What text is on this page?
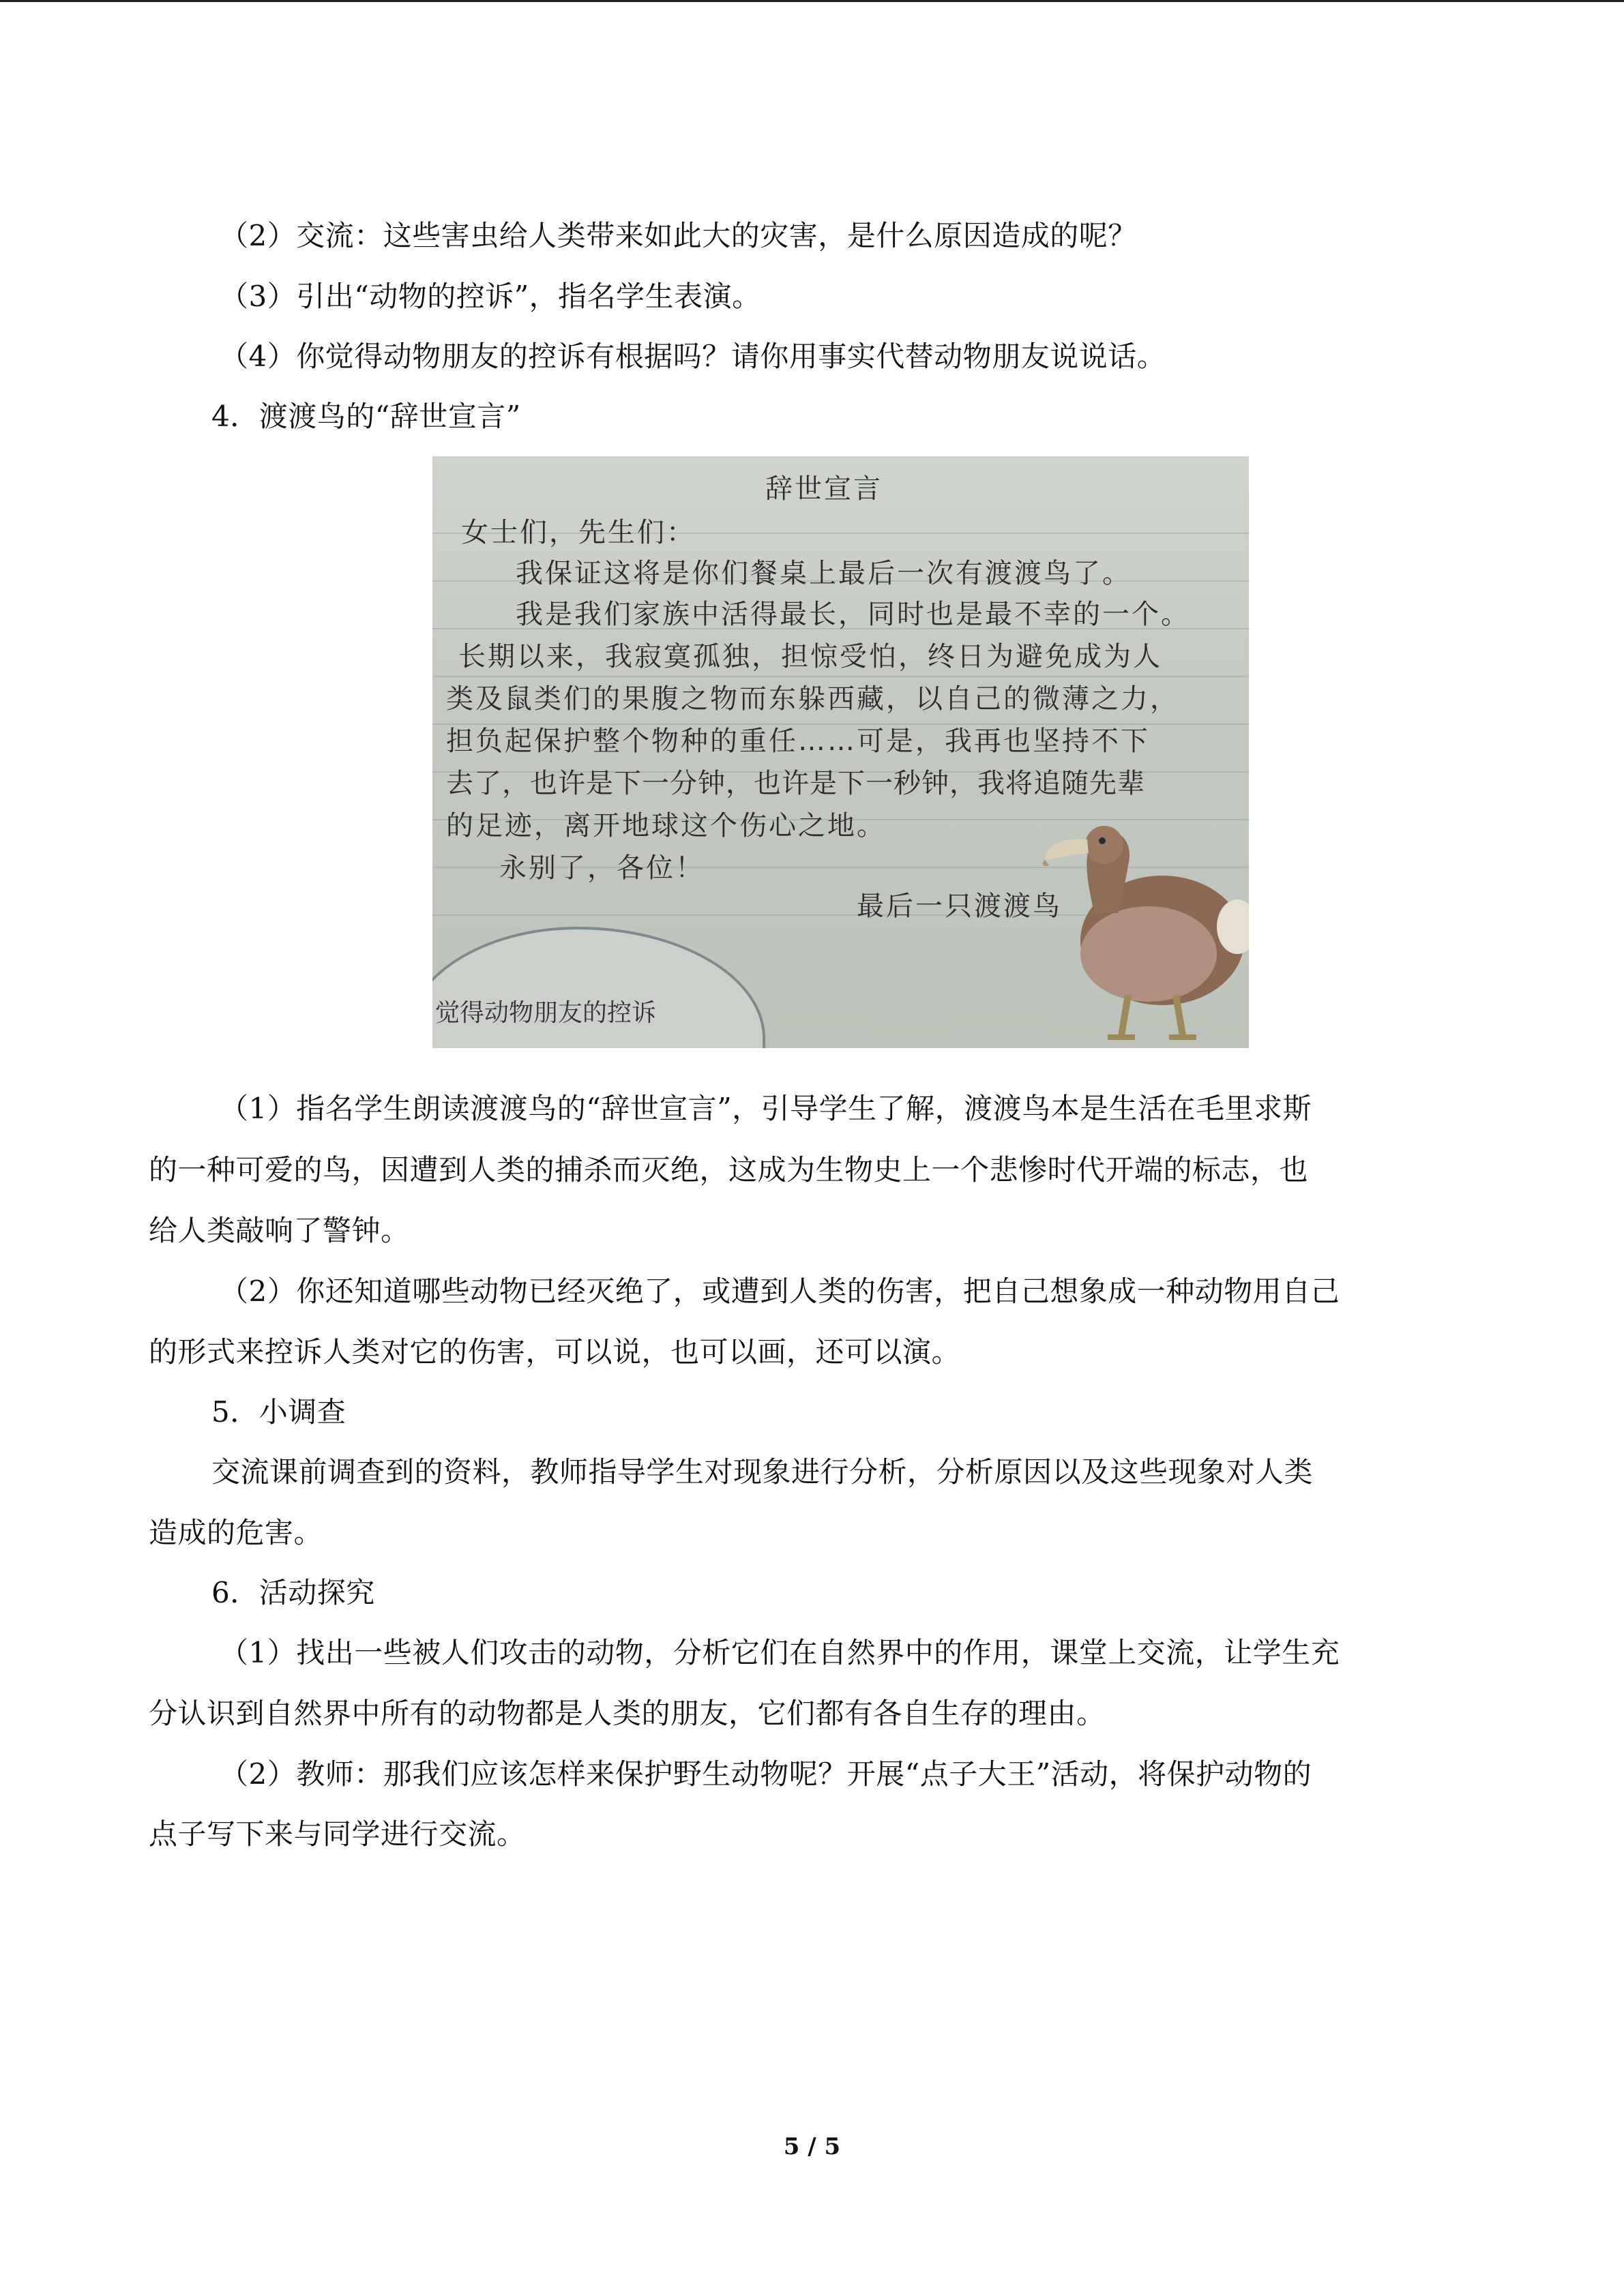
（2）交流：这些害虫给人类带来如此大的灾害，是什么原因造成的呢？
（3）引出“动物的控诉”，指名学生表演。
（4）你觉得动物朋友的控诉有根据吗？请你用事实代替动物朋友说说话。
4．渡渡鸟的“辞世宣言”
辞世宣言
女士们，先生们：
我保证这将是你们餐桌上最后一次有渡渡鸟了。
我是我们家族中活得最长，同时也是最不幸的一个。
长期以来，我寂寞孤独，担惊受怕，终日为避免成为人
类及鼠类们的果腹之物而东躲西藏，以自己的微薄之力，
担负起保护整个物种的重任……可是，我再也坚持不下
去了，也许是下一分钟，也许是下一秒钟，我将追随先辈
的足迹，离开地球这个伤心之地。
永别了，各位！
最后一只渡渡鸟
觉得动物朋友的控诉
（1）指名学生朗读渡渡鸟的“辞世宣言”，引导学生了解，渡渡鸟本是生活在毛里求斯
的一种可爱的鸟，因遭到人类的捕杀而灭绝，这成为生物史上一个悲惨时代开端的标志，也
给人类敲响了警钟。
（2）你还知道哪些动物已经灭绝了，或遭到人类的伤害，把自己想象成一种动物用自己
的形式来控诉人类对它的伤害，可以说，也可以画，还可以演。
5．小调查
交流课前调查到的资料，教师指导学生对现象进行分析，分析原因以及这些现象对人类
造成的危害。
6．活动探究
（1）找出一些被人们攻击的动物，分析它们在自然界中的作用，课堂上交流，让学生充
分认识到自然界中所有的动物都是人类的朋友，它们都有各自生存的理由。
（2）教师：那我们应该怎样来保护野生动物呢？开展“点子大王”活动，将保护动物的
点子写下来与同学进行交流。
5 / 5
